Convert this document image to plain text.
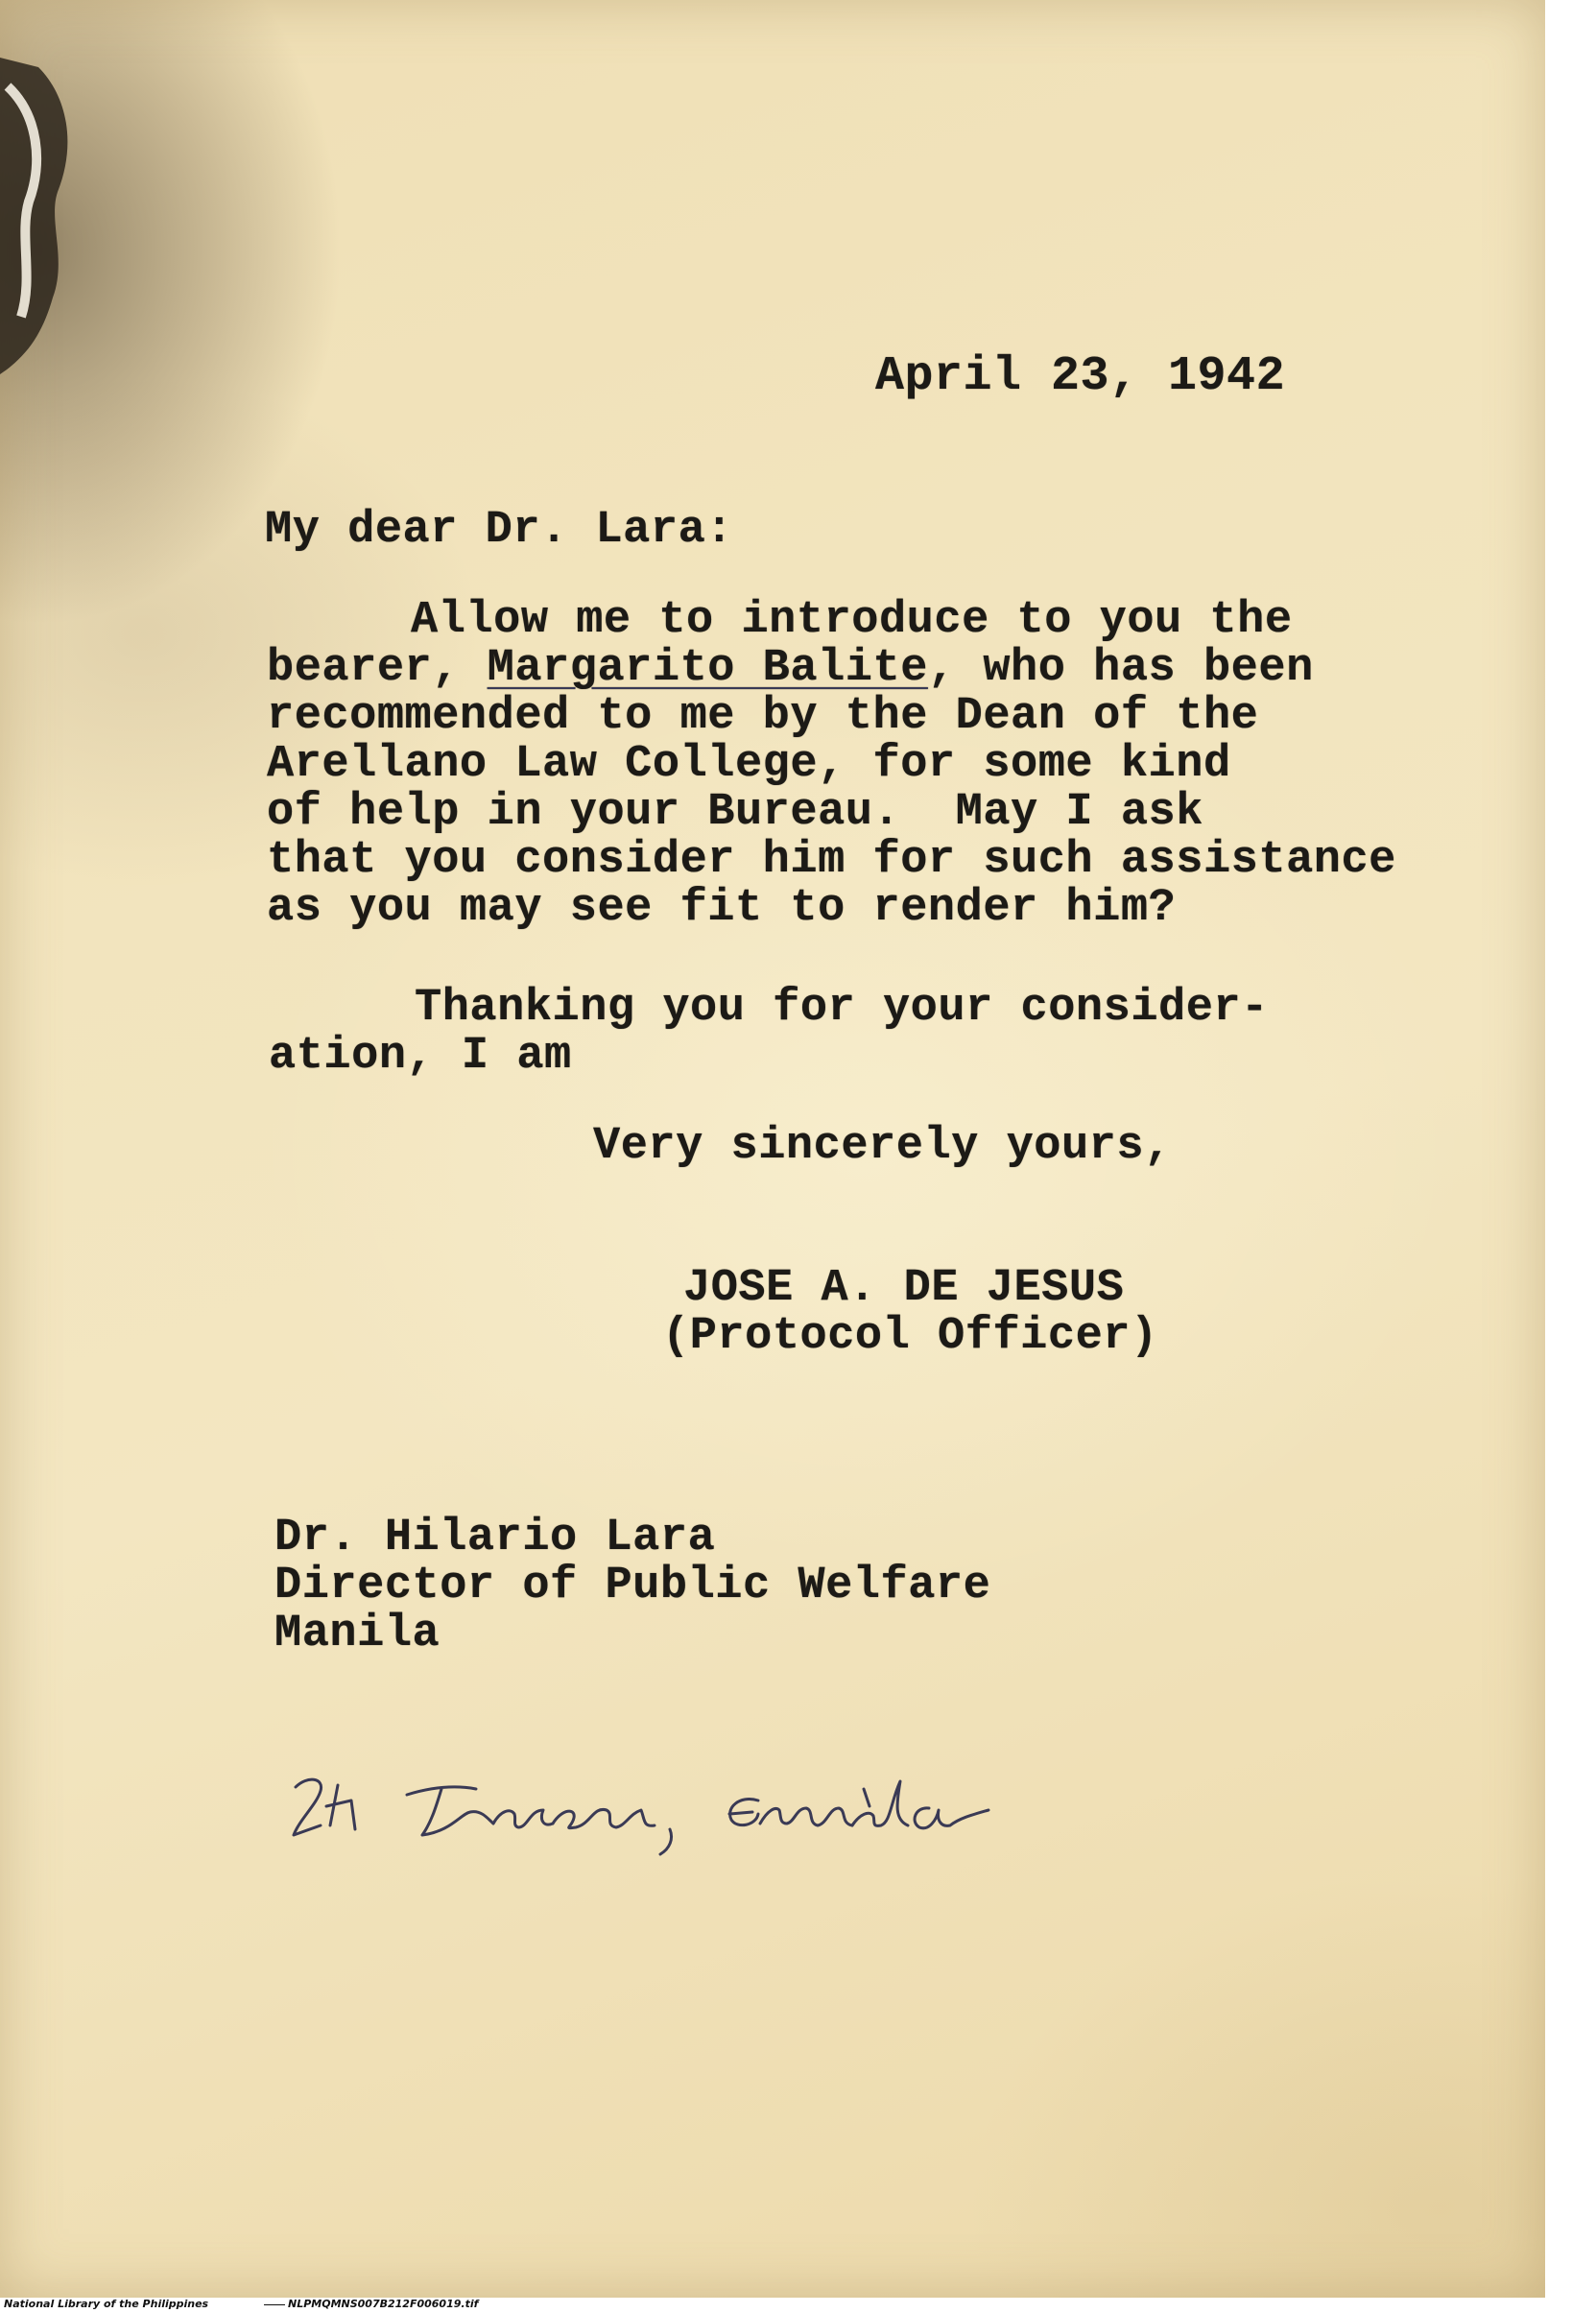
April 23, 1942
My dear Dr. Lara:
Allow me to introduce to you the
bearer, Margarito Balite, who has been
recommended to me by the Dean of the
Arellano Law College, for some kind
of help in your Bureau.  May I ask
that you consider him for such assistance
as you may see fit to render him?
Thanking you for your consider-
ation, I am
Very sincerely yours,
JOSE A. DE JESUS
(Protocol Officer)
Dr. Hilario Lara
Director of Public Welfare
Manila
National Library of the Philippines	NLPMQMNS007B212F006019.tif
